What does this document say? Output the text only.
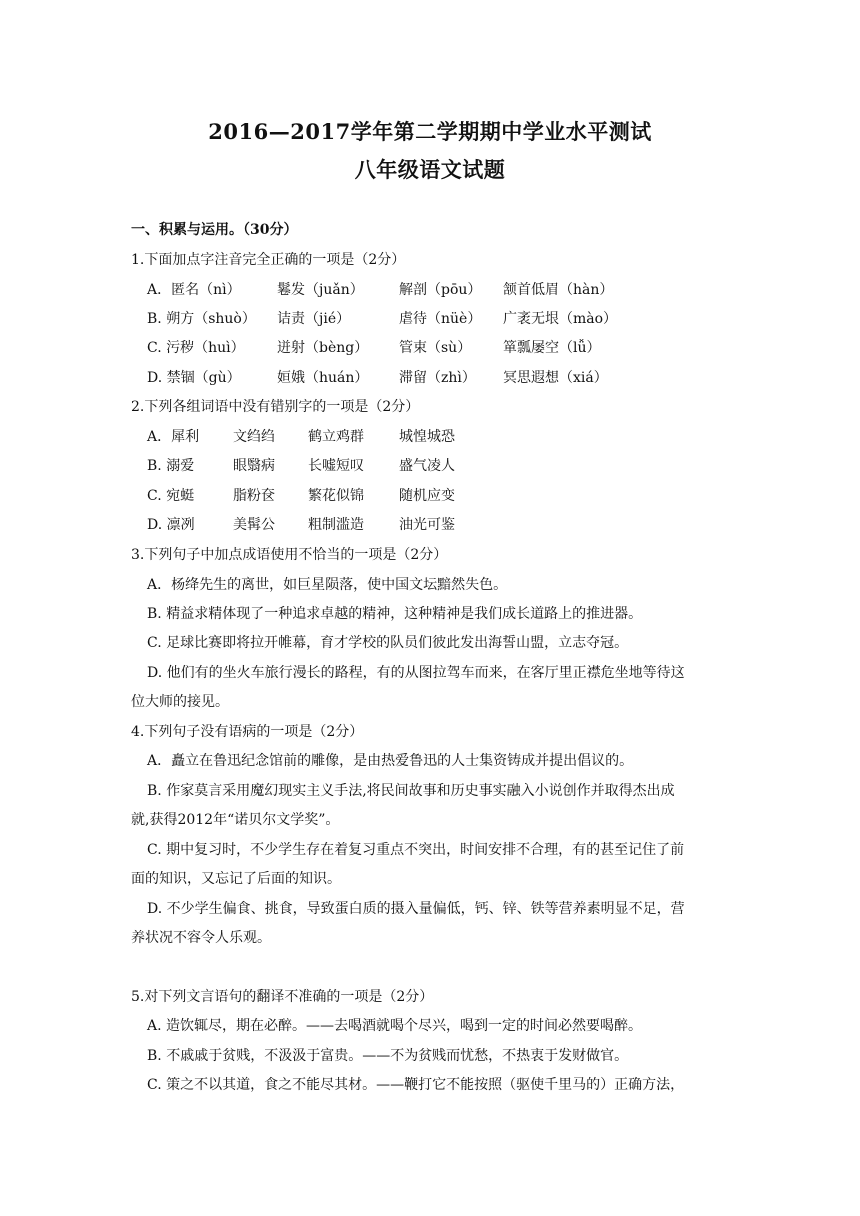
2016—2017学年第二学期期中学业水平测试
八年级语文试题
一、积累与运用。（30分）
1.下面加点字注音完全正确的一项是（2分）
A．匿名（nì）	鬈发（juǎn）	解剖（pōu） 颔首低眉（hàn）
B. 朔方（shuò） 诘责（jié）	虐待（nüè） 广袤无垠（mào）
C. 污秽（huì） 迸射（bèng） 管束（sù） 箪瓢屡空（lǚ）
D. 禁锢（gù）	姮娥（huán） 滞留（zhì） 冥思遐想（xiá）
2.下列各组词语中没有错别字的一项是（2分）
A．犀利 文绉绉 鹤立鸡群	城惶城恐
B. 溺爱	眼翳病 长嘘短叹	盛气凌人
C. 宛蜓	脂粉奁 繁花似锦	随机应变
D. 凛冽	美髯公 粗制滥造	油光可鉴
3.下列句子中加点成语使用不恰当的一项是（2分）
A．杨绛先生的离世，如巨星陨落，使中国文坛黯然失色。
B. 精益求精体现了一种追求卓越的精神，这种精神是我们成长道路上的推进器。
C. 足球比赛即将拉开帷幕，育才学校的队员们彼此发出海誓山盟，立志夺冠。
D. 他们有的坐火车旅行漫长的路程，有的从图拉驾车而来，在客厅里正襟危坐地等待这
位大师的接见。
4.下列句子没有语病的一项是（2分）
A．矗立在鲁迅纪念馆前的雕像，是由热爱鲁迅的人士集资铸成并提出倡议的。
B. 作家莫言采用魔幻现实主义手法,将民间故事和历史事实融入小说创作并取得杰出成
就,获得2012年“诺贝尔文学奖”。
C. 期中复习时，不少学生存在着复习重点不突出，时间安排不合理，有的甚至记住了前
面的知识，又忘记了后面的知识。
D. 不少学生偏食、挑食，导致蛋白质的摄入量偏低，钙、锌、铁等营养素明显不足，营
养状况不容令人乐观。
5.对下列文言语句的翻译不准确的一项是（2分）
A. 造饮辄尽，期在必醉。——去喝酒就喝个尽兴，喝到一定的时间必然要喝醉。
B. 不戚戚于贫贱，不汲汲于富贵。——不为贫贱而忧愁，不热衷于发财做官。
C. 策之不以其道，食之不能尽其材。——鞭打它不能按照（驱使千里马的）正确方法，
